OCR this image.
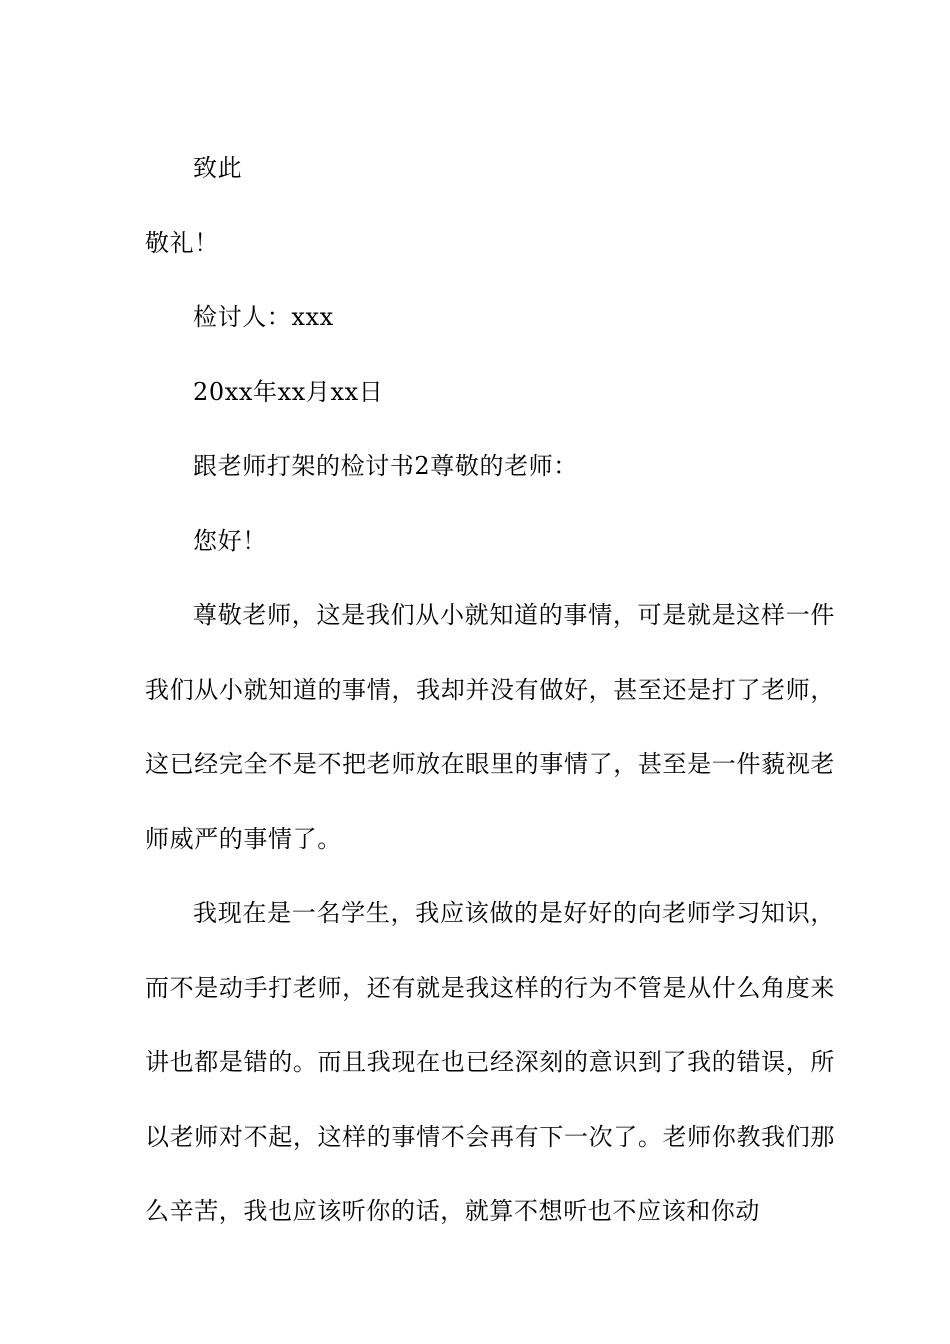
致此

敬礼！

检讨人：xxx

20xx年xx月xx日

跟老师打架的检讨书2尊敬的老师：

您好！

尊敬老师，这是我们从小就知道的事情，可是就是这样一件我们从小就知道的事情，我却并没有做好，甚至还是打了老师，这已经完全不是不把老师放在眼里的事情了，甚至是一件藐视老师威严的事情了。

我现在是一名学生，我应该做的是好好的向老师学习知识，而不是动手打老师，还有就是我这样的行为不管是从什么角度来讲也都是错的。而且我现在也已经深刻的意识到了我的错误，所以老师对不起，这样的事情不会再有下一次了。老师你教我们那么辛苦，我也应该听你的话，就算不想听也不应该和你动
